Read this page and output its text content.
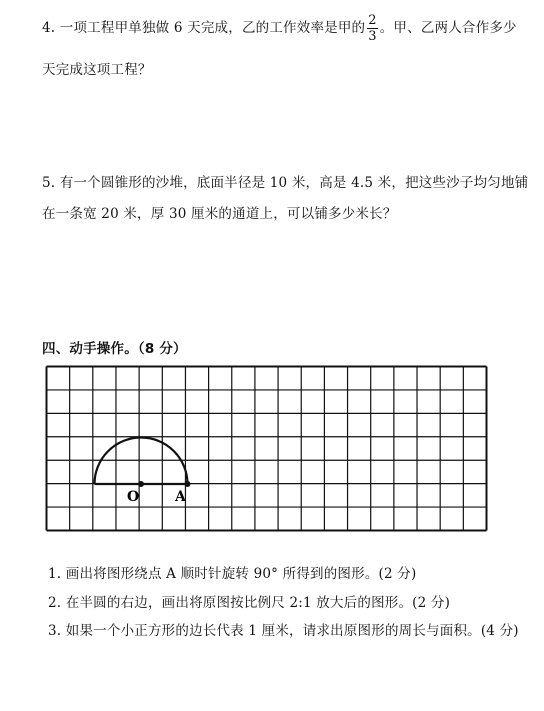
4. 一项工程甲单独做 6 天完成，乙的工作效率是甲的 $\frac{2}{3}$ 。甲、乙两人合作多少
天完成这项工程？
5. 有一个圆锥形的沙堆，底面半径是 10 米，高是 4.5 米，把这些沙子均匀地铺
在一条宽 20 米，厚 30 厘米的通道上，可以铺多少米长？
四、动手操作。（8 分）
O	A
1. 画出将图形绕点 A 顺时针旋转 90° 所得到的图形。(2 分)
2. 在半圆的右边，画出将原图按比例尺 2:1 放大后的图形。(2 分)
3. 如果一个小正方形的边长代表 1 厘米，请求出原图形的周长与面积。(4 分)
